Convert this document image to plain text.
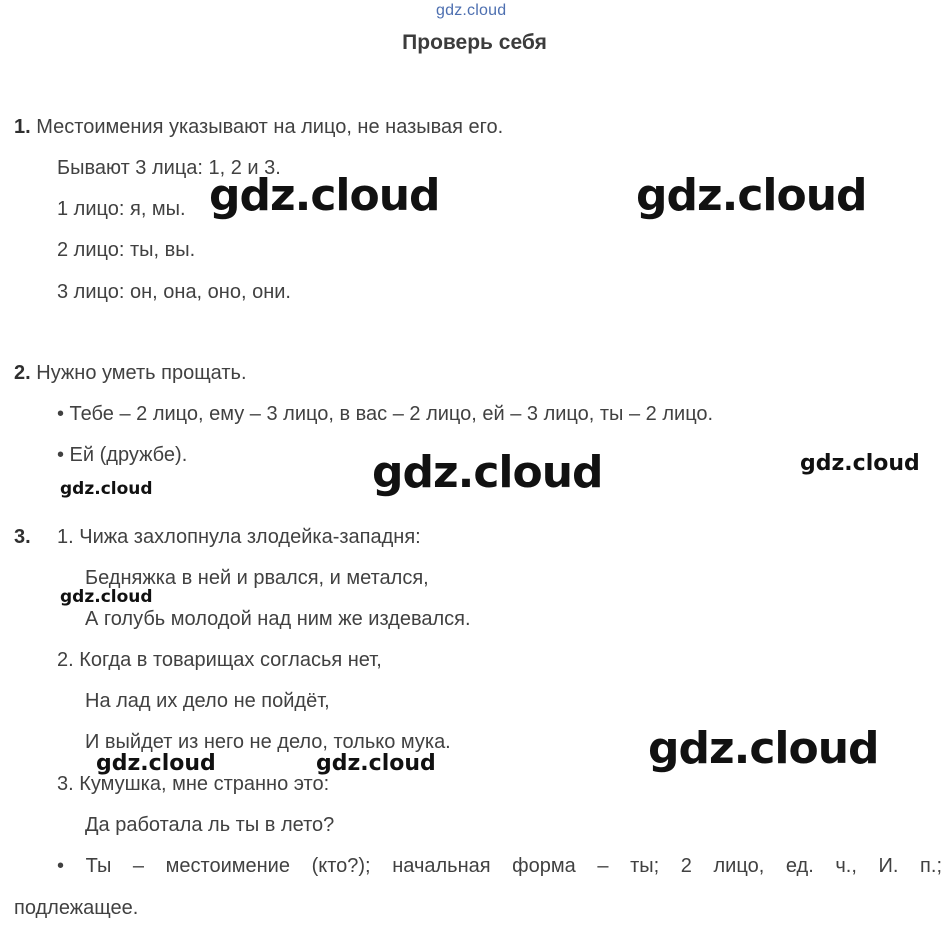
gdz.cloud
Проверь себя
1. Местоимения указывают на лицо, не называя его.
Бывают 3 лица: 1, 2 и 3.
1 лицо: я, мы.
2 лицо: ты, вы.
3 лицо: он, она, оно, они.
2. Нужно уметь прощать.
• Тебе – 2 лицо, ему – 3 лицо, в вас – 2 лицо, ей – 3 лицо, ты – 2 лицо.
• Ей (дружбе).
3. 1. Чижа захлопнула злодейка-западня:
Бедняжка в ней и рвался, и метался,
А голубь молодой над ним же издевался.
2. Когда в товарищах согласья нет,
На лад их дело не пойдёт,
И выйдет из него не дело, только мука.
3. Кумушка, мне странно это:
Да работала ль ты в лето?
• Ты – местоимение (кто?); начальная форма – ты; 2 лицо, ед. ч., И. п.;
подлежащее.
gdz.cloud	gdz.cloud
gdz.cloud	gdz.cloud
gdz.cloud
gdz.cloud
gdz.cloud
gdz.cloud	gdz.cloud
